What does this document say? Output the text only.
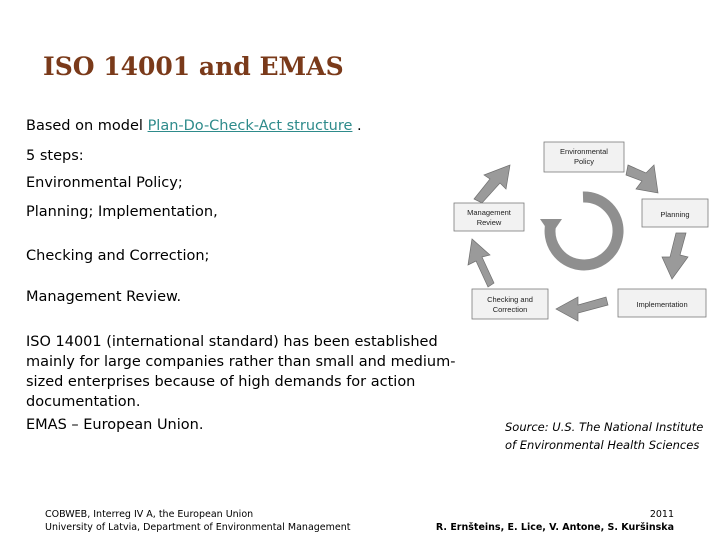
ISO 14001 and EMAS
Based on model Plan-Do-Check-Act structure .
5 steps:
Environmental Policy;
Planning; Implementation,
Checking and Correction;
Management Review.
ISO 14001 (international standard) has been established mainly for large companies rather than small and medium-sized enterprises because of high demands for action documentation.
EMAS – European Union.
Environmental
Policy
Planning
Implementation
Checking and
Correction
Management
Review
Source: U.S. The National Institute of Environmental Health Sciences
COBWEB, Interreg IV A, the European Union
University of Latvia, Department of Environmental Management
2011
R. Ernšteins, E. Lice, V. Antone, S. Kuršinska
